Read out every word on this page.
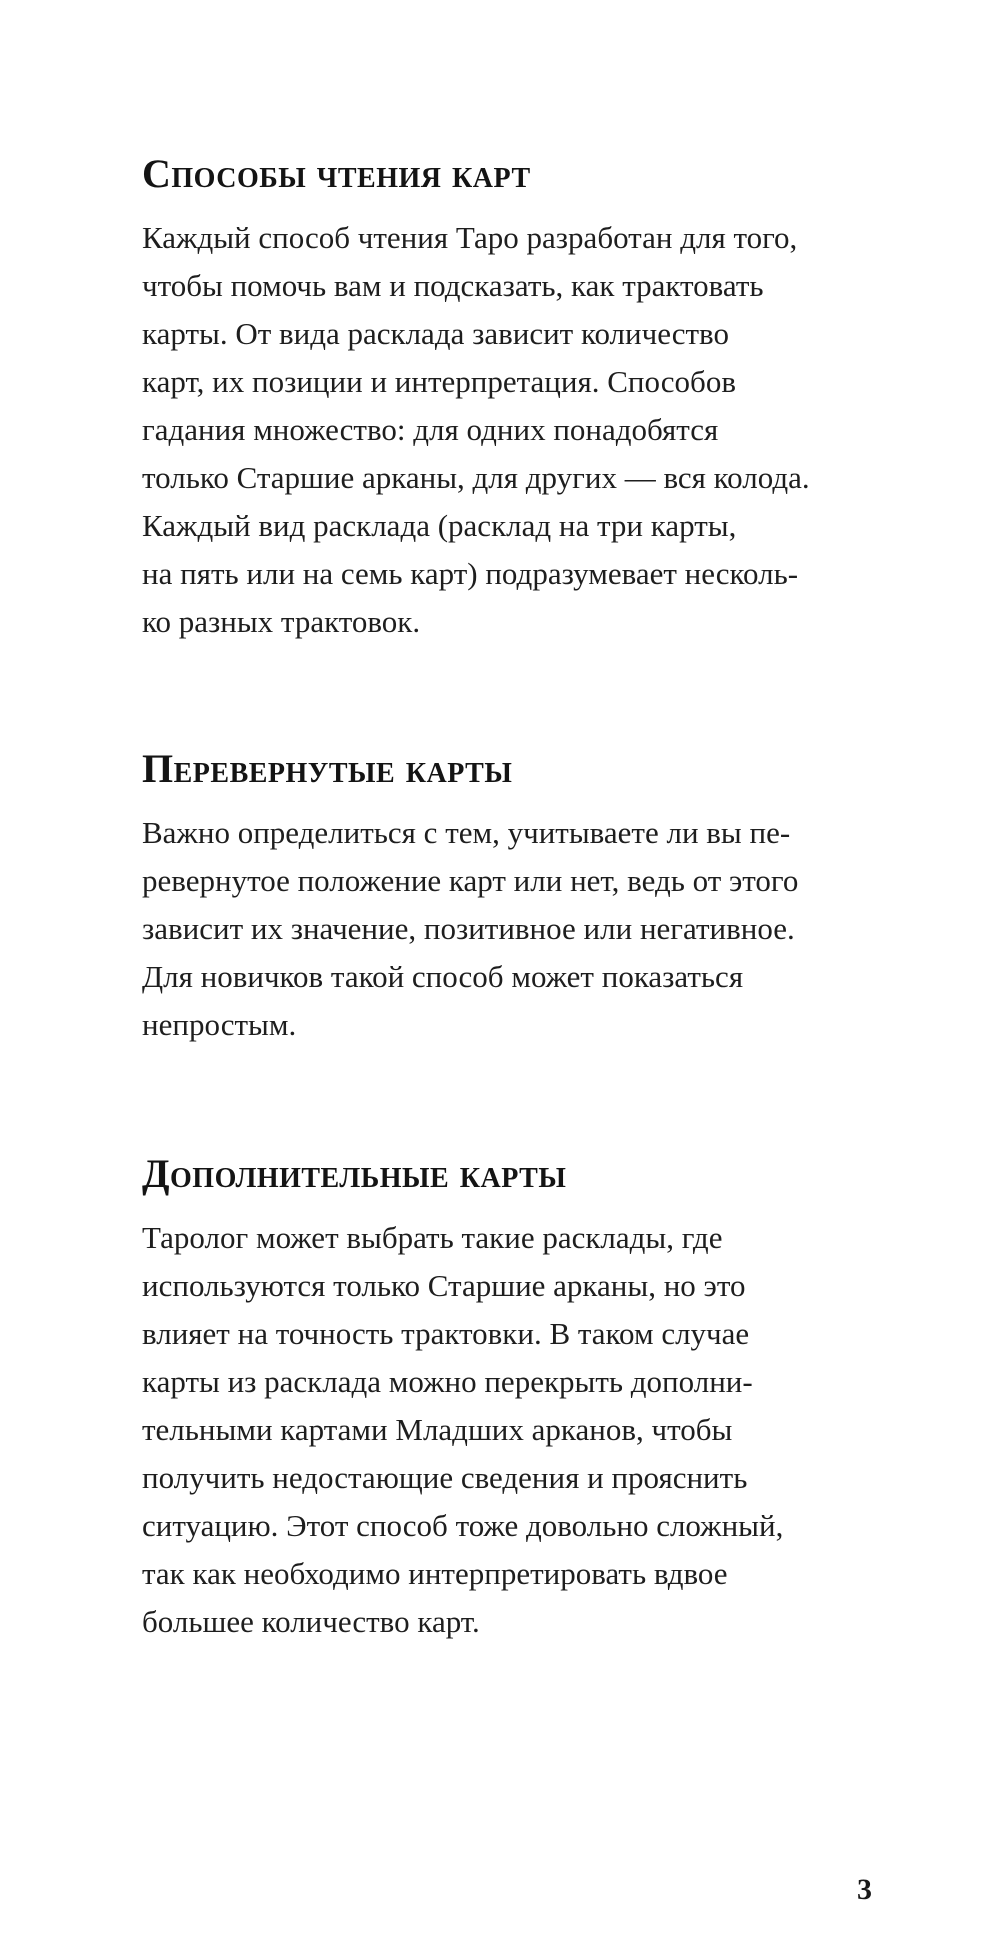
Способы чтения карт
Каждый способ чтения Таро разработан для того,
чтобы помочь вам и подсказать, как трактовать
карты. От вида расклада зависит количество
карт, их позиции и интерпретация. Способов
гадания множество: для одних понадобятся
только Старшие арканы, для других — вся колода.
Каждый вид расклада (расклад на три карты,
на пять или на семь карт) подразумевает несколь-
ко разных трактовок.
Перевернутые карты
Важно определиться с тем, учитываете ли вы пе-
ревернутое положение карт или нет, ведь от этого
зависит их значение, позитивное или негативное.
Для новичков такой способ может показаться
непростым.
Дополнительные карты
Таролог может выбрать такие расклады, где
используются только Старшие арканы, но это
влияет на точность трактовки. В таком случае
карты из расклада можно перекрыть дополни-
тельными картами Младших арканов, чтобы
получить недостающие сведения и прояснить
ситуацию. Этот способ тоже довольно сложный,
так как необходимо интерпретировать вдвое
большее количество карт.
3
